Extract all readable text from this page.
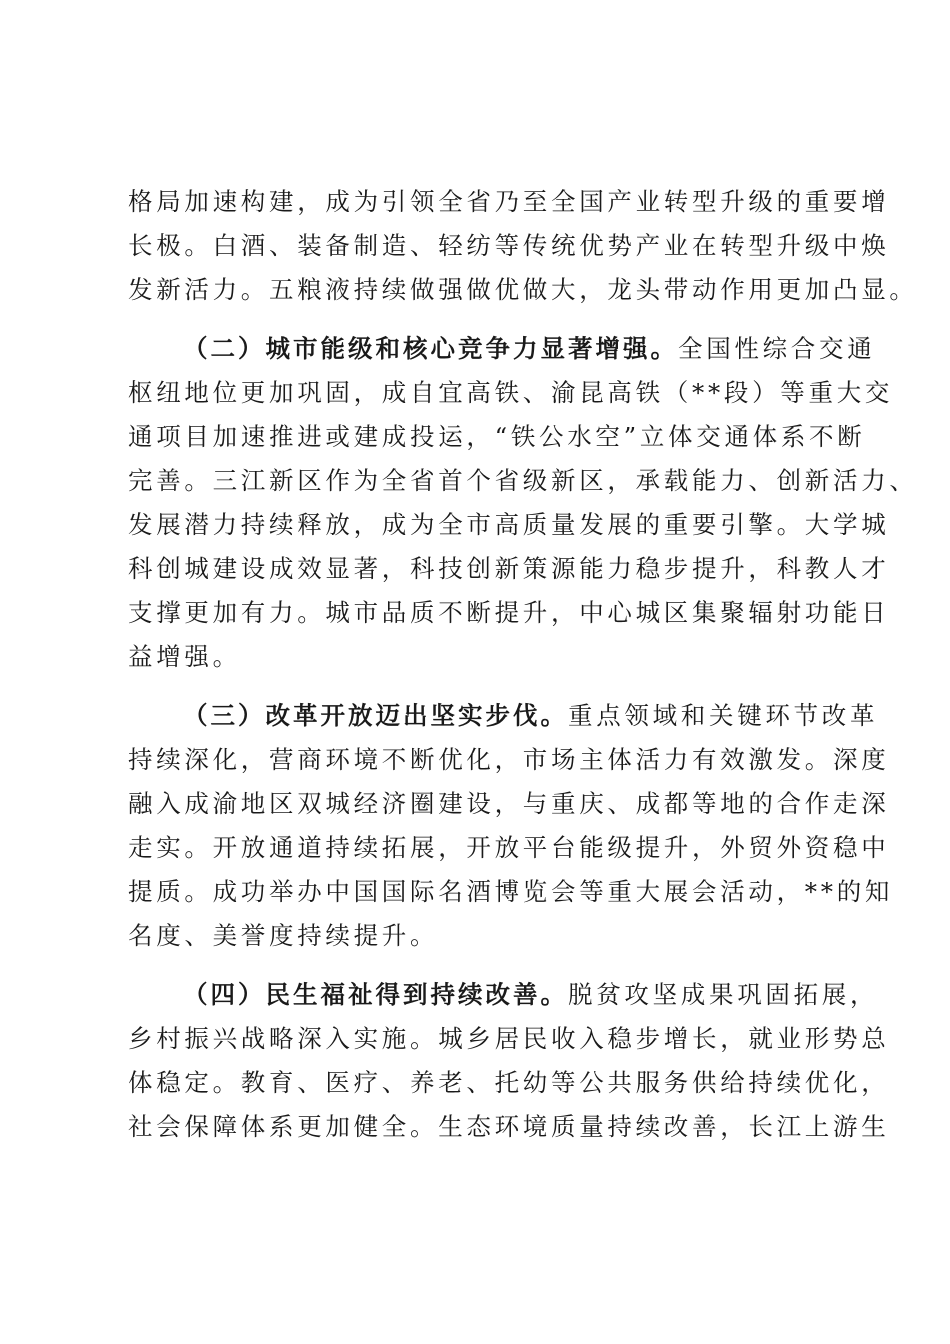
格局加速构建，成为引领全省乃至全国产业转型升级的重要增
长极。白酒、装备制造、轻纺等传统优势产业在转型升级中焕
发新活力。五粮液持续做强做优做大，龙头带动作用更加凸显。
（二）城市能级和核心竞争力显著增强。全国性综合交通
枢纽地位更加巩固，成自宜高铁、渝昆高铁（**段）等重大交
通项目加速推进或建成投运，“铁公水空”立体交通体系不断
完善。三江新区作为全省首个省级新区，承载能力、创新活力、
发展潜力持续释放，成为全市高质量发展的重要引擎。大学城
科创城建设成效显著，科技创新策源能力稳步提升，科教人才
支撑更加有力。城市品质不断提升，中心城区集聚辐射功能日
益增强。
（三）改革开放迈出坚实步伐。重点领域和关键环节改革
持续深化，营商环境不断优化，市场主体活力有效激发。深度
融入成渝地区双城经济圈建设，与重庆、成都等地的合作走深
走实。开放通道持续拓展，开放平台能级提升，外贸外资稳中
提质。成功举办中国国际名酒博览会等重大展会活动，**的知
名度、美誉度持续提升。
（四）民生福祉得到持续改善。脱贫攻坚成果巩固拓展，
乡村振兴战略深入实施。城乡居民收入稳步增长，就业形势总
体稳定。教育、医疗、养老、托幼等公共服务供给持续优化，
社会保障体系更加健全。生态环境质量持续改善，长江上游生
